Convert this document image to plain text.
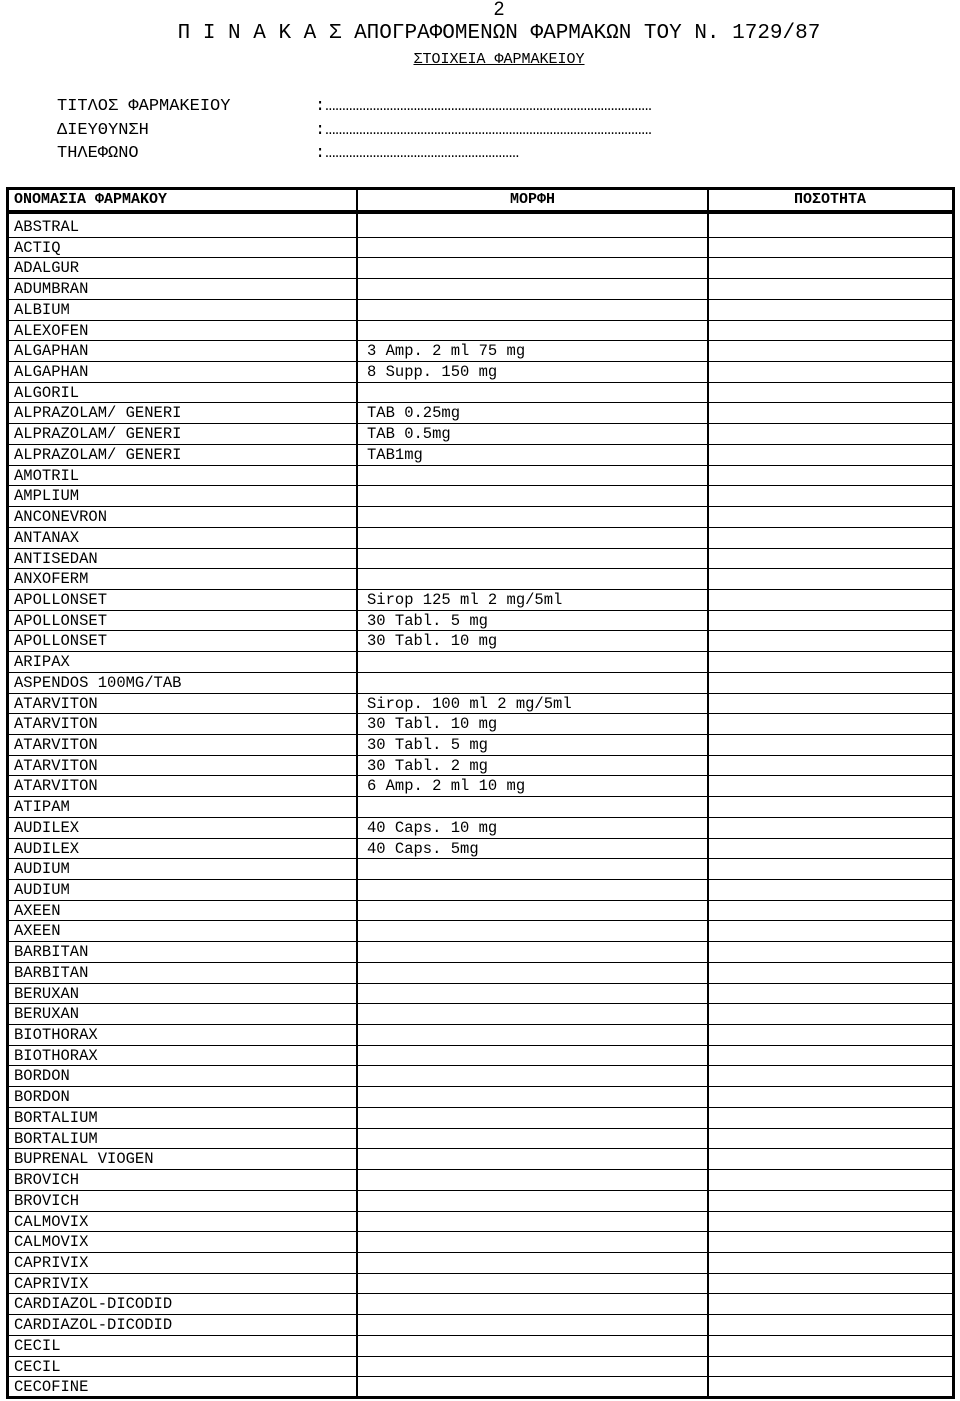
2
Π Ι Ν Α Κ Α Σ ΑΠΟΓΡΑΦΟΜΕΝΩΝ ΦΑΡΜΑΚΩΝ ΤΟΥ Ν. 1729/87
ΣΤΟΙΧΕΙΑ ΦΑΡΜΑΚΕΙΟΥ
ΤΙΤΛΟΣ ΦΑΡΜΑΚΕΙΟΥ	:……………………………………………………………………………………
ΔΙΕΥΘΥΝΣΗ	:……………………………………………………………………………………
ΤΗΛΕΦΩΝΟ	:…………………………………………………
ΟΝΟΜΑΣΙΑ ΦΑΡΜΑΚΟΥ	ΜΟΡΦΗ	ΠΟΣΟΤΗΤΑ
ABSTRAL
ACTIQ
ADALGUR
ADUMBRAN
ALBIUM
ALEXOFEN
ALGAPHAN	3 Amp. 2 ml 75 mg
ALGAPHAN	8 Supp. 150 mg
ALGORIL
ALPRAZOLAM/ GENERI	TAB 0.25mg
ALPRAZOLAM/ GENERI	TAB 0.5mg
ALPRAZOLAM/ GENERI	TAB1mg
AMOTRIL
AMPLIUM
ANCONEVRON
ANTANAX
ANTISEDAN
ANXOFERM
APOLLONSET	Sirop 125 ml 2 mg/5ml
APOLLONSET	30 Tabl. 5 mg
APOLLONSET	30 Tabl. 10 mg
ARIPAX
ASPENDOS 100MG/TAB
ATARVITON	Sirop. 100 ml 2 mg/5ml
ATARVITON	30 Tabl. 10 mg
ATARVITON	30 Tabl. 5 mg
ATARVITON	30 Tabl. 2 mg
ATARVITON	6 Amp. 2 ml 10 mg
ATIPAM
AUDILEX	40 Caps. 10 mg
AUDILEX	40 Caps. 5mg
AUDIUM
AUDIUM
AXEEN
AXEEN
BARBITAN
BARBITAN
BERUXAN
BERUXAN
BIOTHORAX
BIOTHORAX
BORDON
BORDON
BORTALIUM
BORTALIUM
BUPRENAL VIOGEN
BROVICH
BROVICH
CALMOVIX
CALMOVIX
CAPRIVIX
CAPRIVIX
CARDIAZOL-DICODID
CARDIAZOL-DICODID
CECIL
CECIL
CECOFINE
